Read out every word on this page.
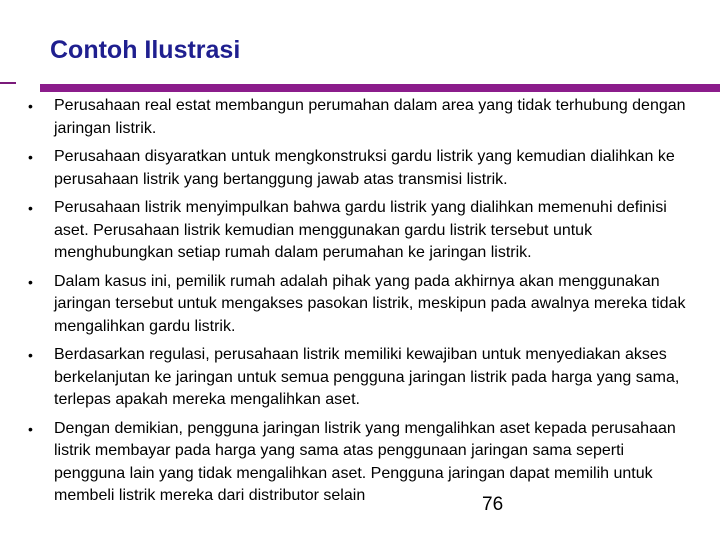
Contoh Ilustrasi
•	Perusahaan real estat membangun perumahan dalam area yang tidak terhubung dengan jaringan listrik.
•	Perusahaan disyaratkan untuk mengkonstruksi gardu listrik yang kemudian dialihkan ke perusahaan listrik yang bertanggung jawab atas transmisi listrik.
•	Perusahaan listrik menyimpulkan bahwa gardu listrik yang dialihkan memenuhi definisi aset. Perusahaan listrik kemudian menggunakan gardu listrik tersebut untuk menghubungkan setiap rumah dalam perumahan ke jaringan listrik.
•	Dalam kasus ini, pemilik rumah adalah pihak yang pada akhirnya akan menggunakan jaringan tersebut untuk mengakses pasokan listrik, meskipun pada awalnya mereka tidak mengalihkan gardu listrik.
•	Berdasarkan regulasi, perusahaan listrik memiliki kewajiban untuk menyediakan akses berkelanjutan ke jaringan untuk semua pengguna jaringan listrik pada harga yang sama, terlepas apakah mereka mengalihkan aset.
•	Dengan demikian, pengguna jaringan listrik yang mengalihkan aset kepada perusahaan listrik membayar pada harga yang sama atas penggunaan jaringan sama seperti pengguna lain yang tidak mengalihkan aset. Pengguna jaringan dapat memilih untuk membeli listrik mereka dari distributor selain	76
